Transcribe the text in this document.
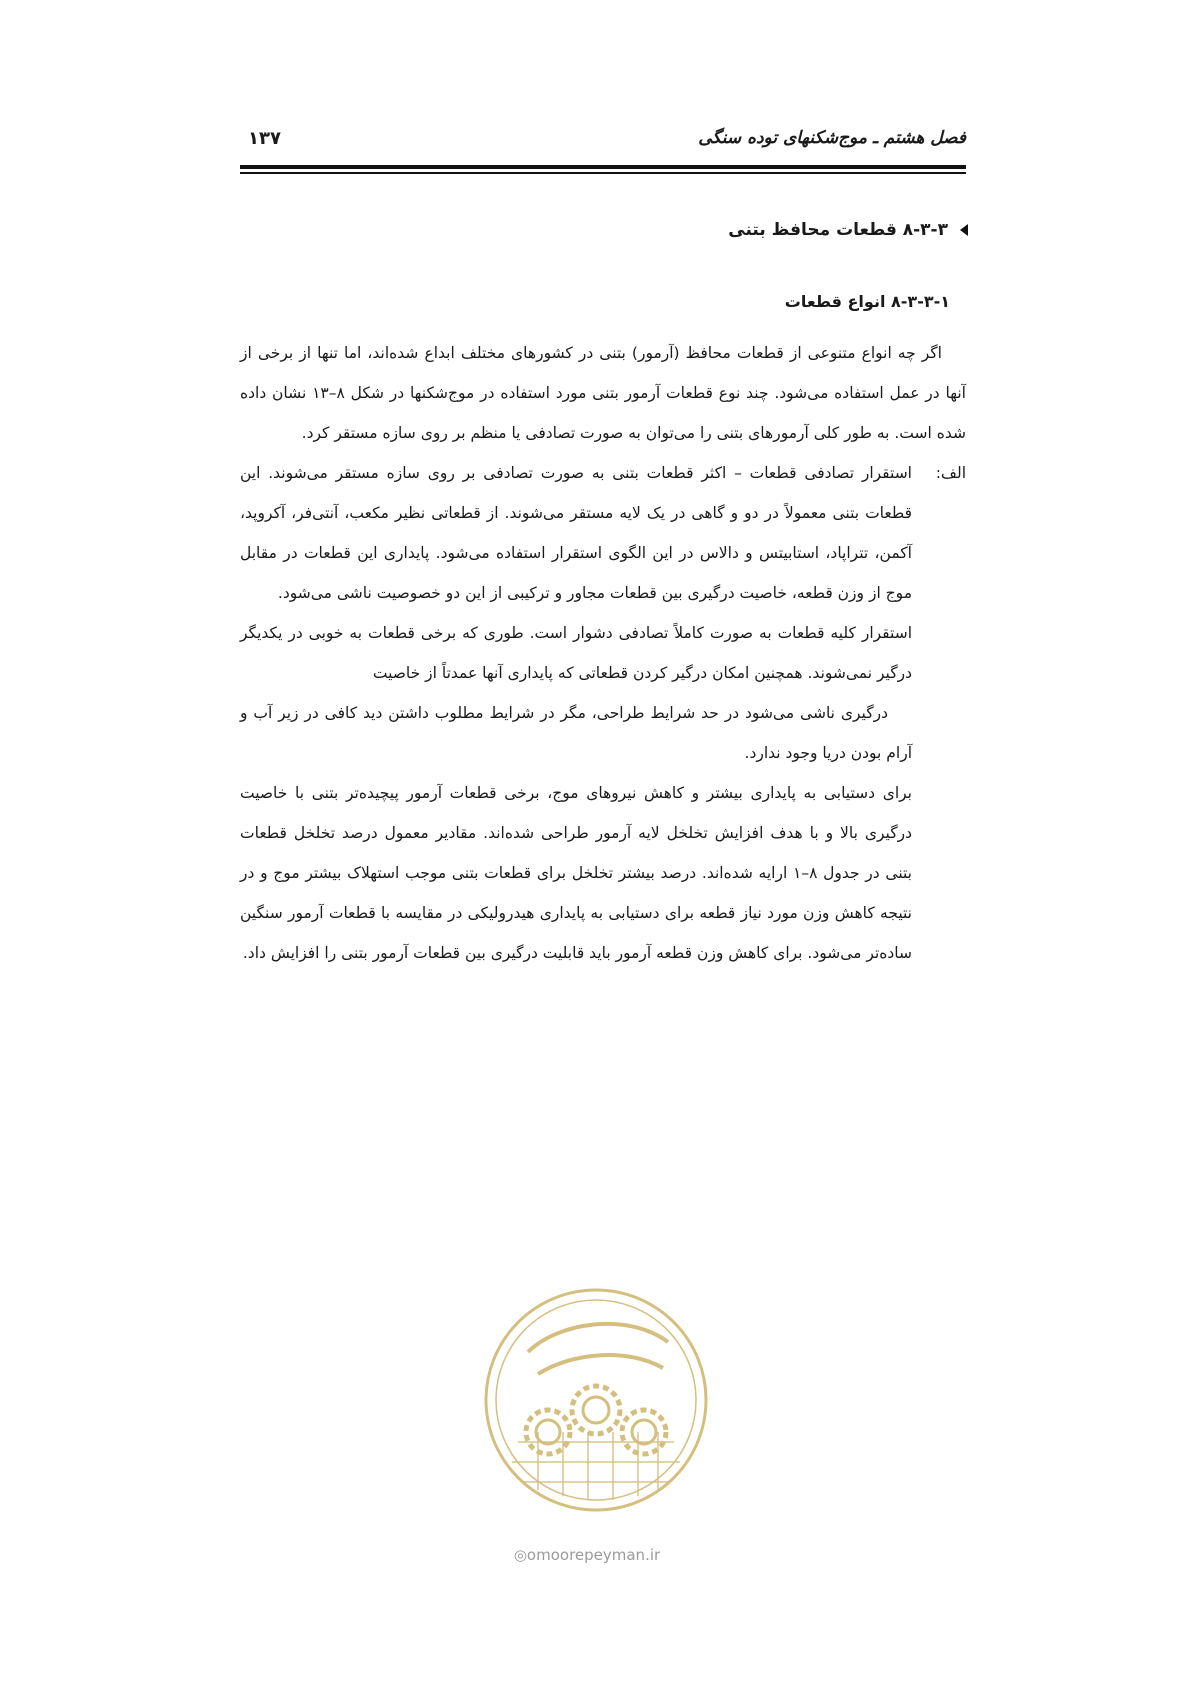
فصل هشتم ـ موج‌شکنهای توده سنگی
۱۳۷
۸-۳-۳ قطعات محافظ بتنی
۸-۳-۳-۱ انواع قطعات

اگر چه انواع متنوعی از قطعات محافظ (آرمور) بتنی در کشورهای مختلف ابداع شده‌اند، اما تنها از برخی از آنها در عمل استفاده می‌شود. چند نوع قطعات آرمور بتنی مورد استفاده در موج‌شکنها در شکل ۸–۱۳ نشان داده شده است. به طور کلی آرمورهای بتنی را می‌توان به صورت تصادفی یا منظم بر روی سازه مستقر کرد.

الف:استقرار تصادفی قطعات – اکثر قطعات بتنی به صورت تصادفی بر روی سازه مستقر می‌شوند. این قطعات بتنی معمولاً در دو و گاهی در یک لایه مستقر می‌شوند. از قطعاتی نظیر مکعب، آنتی‌فر، آکروپد، آکمن، تتراپاد، استابیتس و دالاس در این الگوی استقرار استفاده می‌شود. پایداری این قطعات در مقابل موج از وزن قطعه، خاصیت درگیری بین قطعات مجاور و ترکیبی از این دو خصوصیت ناشی می‌شود.

استقرار کلیه قطعات به صورت کاملاً تصادفی دشوار است. طوری که برخی قطعات به خوبی در یکدیگر درگیر نمی‌شوند. همچنین امکان درگیر کردن قطعاتی که پایداری آنها عمدتاً از خاصیت

درگیری ناشی می‌شود در حد شرایط طراحی، مگر در شرایط مطلوب داشتن دید کافی در زیر آب و آرام بودن دریا وجود ندارد.

برای دستیابی به پایداری بیشتر و کاهش نیروهای موج، برخی قطعات آرمور پیچیده‌تر بتنی با خاصیت درگیری بالا و با هدف افزایش تخلخل لایه آرمور طراحی شده‌اند. مقادیر معمول درصد تخلخل قطعات بتنی در جدول ۸–۱ ارایه شده‌اند. درصد بیشتر تخلخل برای قطعات بتنی موجب استهلاک بیشتر موج و در نتیجه کاهش وزن مورد نیاز قطعه برای دستیابی به پایداری هیدرولیکی در مقایسه با قطعات آرمور سنگین ساده‌تر می‌شود. برای کاهش وزن قطعه آرمور باید قابلیت درگیری بین قطعات آرمور بتنی را افزایش داد.

◎omoorepeyman.ir
